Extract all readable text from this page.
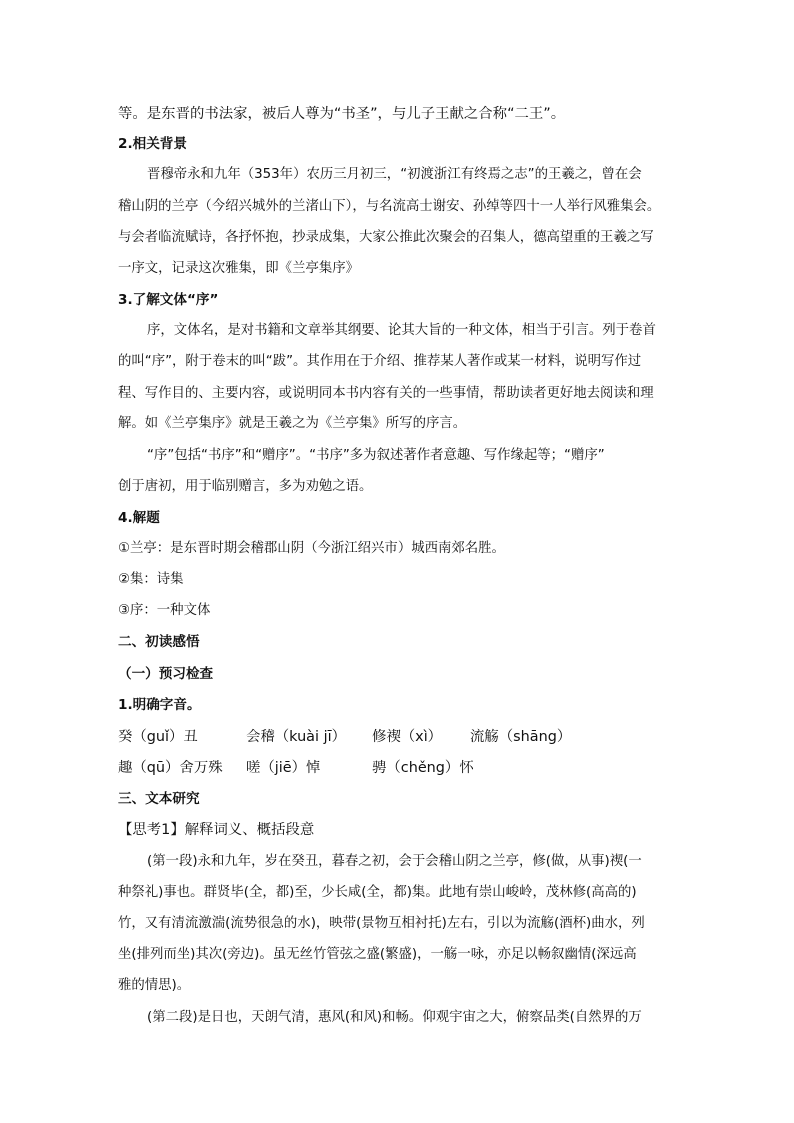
等。是东晋的书法家，被后人尊为“书圣”，与儿子王献之合称“二王”。
2.相关背景
晋穆帝永和九年（353年）农历三月初三，“初渡浙江有终焉之志”的王羲之，曾在会
稽山阴的兰亭（今绍兴城外的兰渚山下），与名流高士谢安、孙绰等四十一人举行风雅集会。
与会者临流赋诗，各抒怀抱，抄录成集，大家公推此次聚会的召集人，德高望重的王羲之写
一序文，记录这次雅集，即《兰亭集序》
3.了解文体“序”
序，文体名，是对书籍和文章举其纲要、论其大旨的一种文体，相当于引言。列于卷首
的叫“序”，附于卷末的叫“跋”。其作用在于介绍、推荐某人著作或某一材料，说明写作过
程、写作目的、主要内容，或说明同本书内容有关的一些事情，帮助读者更好地去阅读和理
解。如《兰亭集序》就是王羲之为《兰亭集》所写的序言。
“序”包括“书序”和“赠序”。“书序”多为叙述著作者意趣、写作缘起等；“赠序”
创于唐初，用于临别赠言，多为劝勉之语。
4.解题
①兰亭：是东晋时期会稽郡山阴（今浙江绍兴市）城西南郊名胜。
②集：诗集
③序：一种文体
二、初读感悟
（一）预习检查
1.明确字音。
癸（guǐ）丑	会稽（kuài jī） 修禊（xì） 流觞（shāng）
趣（qū）舍万殊 嗟（jiē）悼	骋（chěng）怀
三、文本研究
【思考1】解释词义、概括段意
(第一段)永和九年，岁在癸丑，暮春之初，会于会稽山阴之兰亭，修(做，从事)禊(一
种祭礼)事也。群贤毕(全，都)至，少长咸(全，都)集。此地有崇山峻岭，茂林修(高高的)
竹，又有清流激湍(流势很急的水)，映带(景物互相衬托)左右，引以为流觞(酒杯)曲水，列
坐(排列而坐)其次(旁边)。虽无丝竹管弦之盛(繁盛)，一觞一咏，亦足以畅叙幽情(深远高
雅的情思)。
(第二段)是日也，天朗气清，惠风(和风)和畅。仰观宇宙之大，俯察品类(自然界的万
